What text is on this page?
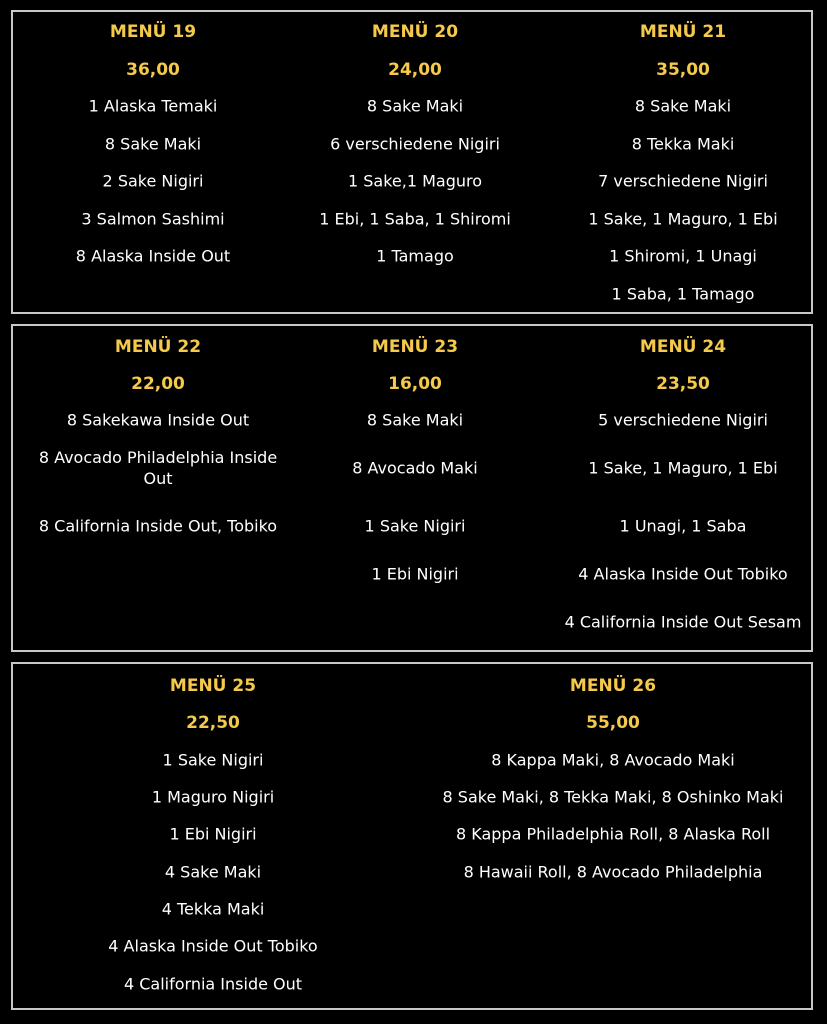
MENÜ 19
36,00
1 Alaska Temaki
8 Sake Maki
2 Sake Nigiri
3 Salmon Sashimi
8 Alaska Inside Out
MENÜ 20
24,00
8 Sake Maki
6 verschiedene Nigiri
1 Sake,1 Maguro
1 Ebi, 1 Saba, 1 Shiromi
1 Tamago
MENÜ 21
35,00
8 Sake Maki
8 Tekka Maki
7 verschiedene Nigiri
1 Sake, 1 Maguro, 1 Ebi
1 Shiromi, 1 Unagi
1 Saba, 1 Tamago
MENÜ 22
22,00
8 Sakekawa Inside Out
8 Avocado Philadelphia Inside Out
8 California Inside Out, Tobiko
MENÜ 23
16,00
8 Sake Maki
8 Avocado Maki
1 Sake Nigiri
1 Ebi Nigiri
MENÜ 24
23,50
5 verschiedene Nigiri
1 Sake, 1 Maguro, 1 Ebi
1 Unagi, 1 Saba
4 Alaska Inside Out Tobiko
4 California Inside Out Sesam
MENÜ 25
22,50
1 Sake Nigiri
1 Maguro Nigiri
1 Ebi Nigiri
4 Sake Maki
4 Tekka Maki
4 Alaska Inside Out Tobiko
4 California Inside Out
MENÜ 26
55,00
8 Kappa Maki, 8 Avocado Maki
8 Sake Maki, 8 Tekka Maki, 8 Oshinko Maki
8 Kappa Philadelphia Roll, 8 Alaska Roll
8 Hawaii Roll, 8 Avocado Philadelphia
